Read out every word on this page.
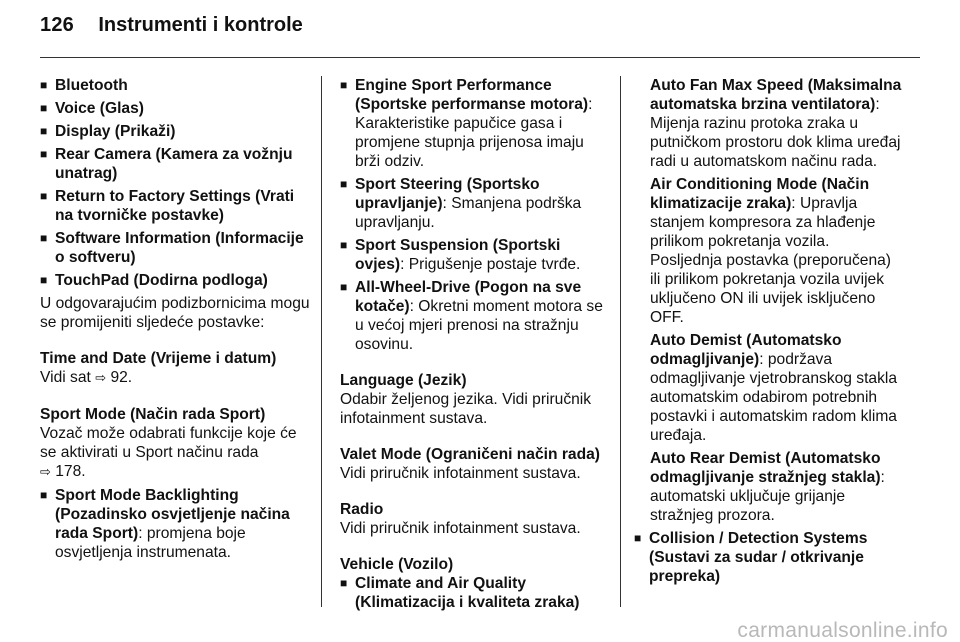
126 Instrumenti i kontrole
■ Bluetooth
■ Voice (Glas)
■ Display (Prikaži)
■ Rear Camera (Kamera za vožnju unatrag)
■ Return to Factory Settings (Vrati na tvorničke postavke)
■ Software Information (Informacije o softveru)
■ TouchPad (Dodirna podloga)
U odgovarajućim podizbornicima mogu se promijeniti sljedeće postavke:
Time and Date (Vrijeme i datum)
Vidi sat ⇨ 92.
Sport Mode (Način rada Sport)
Vozač može odabrati funkcije koje će se aktivirati u Sport načinu rada
⇨ 178.
■ Sport Mode Backlighting (Pozadinsko osvjetljenje načina rada Sport): promjena boje osvjetljenja instrumenata.
■ Engine Sport Performance (Sportske performanse motora): Karakteristike papučice gasa i promjene stupnja prijenosa imaju brži odziv.
■ Sport Steering (Sportsko upravljanje): Smanjena podrška upravljanju.
■ Sport Suspension (Sportski ovjes): Prigušenje postaje tvrđe.
■ All-Wheel-Drive (Pogon na sve kotače): Okretni moment motora se u većoj mjeri prenosi na stražnju osovinu.
Language (Jezik)
Odabir željenog jezika. Vidi priručnik infotainment sustava.
Valet Mode (Ograničeni način rada)
Vidi priručnik infotainment sustava.
Radio
Vidi priručnik infotainment sustava.
Vehicle (Vozilo)
■ Climate and Air Quality (Klimatizacija i kvaliteta zraka)
Auto Fan Max Speed (Maksimalna automatska brzina ventilatora): Mijenja razinu protoka zraka u putničkom prostoru dok klima uređaj radi u automatskom načinu rada.
Air Conditioning Mode (Način klimatizacije zraka): Upravlja stanjem kompresora za hlađenje prilikom pokretanja vozila. Posljednja postavka (preporučena) ili prilikom pokretanja vozila uvijek uključeno ON ili uvijek isključeno OFF.
Auto Demist (Automatsko odmagljivanje): podržava odmagljivanje vjetrobranskog stakla automatskim odabirom potrebnih postavki i automatskim radom klima uređaja.
Auto Rear Demist (Automatsko odmagljivanje stražnjeg stakla): automatski uključuje grijanje stražnjeg prozora.
■ Collision / Detection Systems (Sustavi za sudar / otkrivanje prepreka)
carmanualsonline.info
